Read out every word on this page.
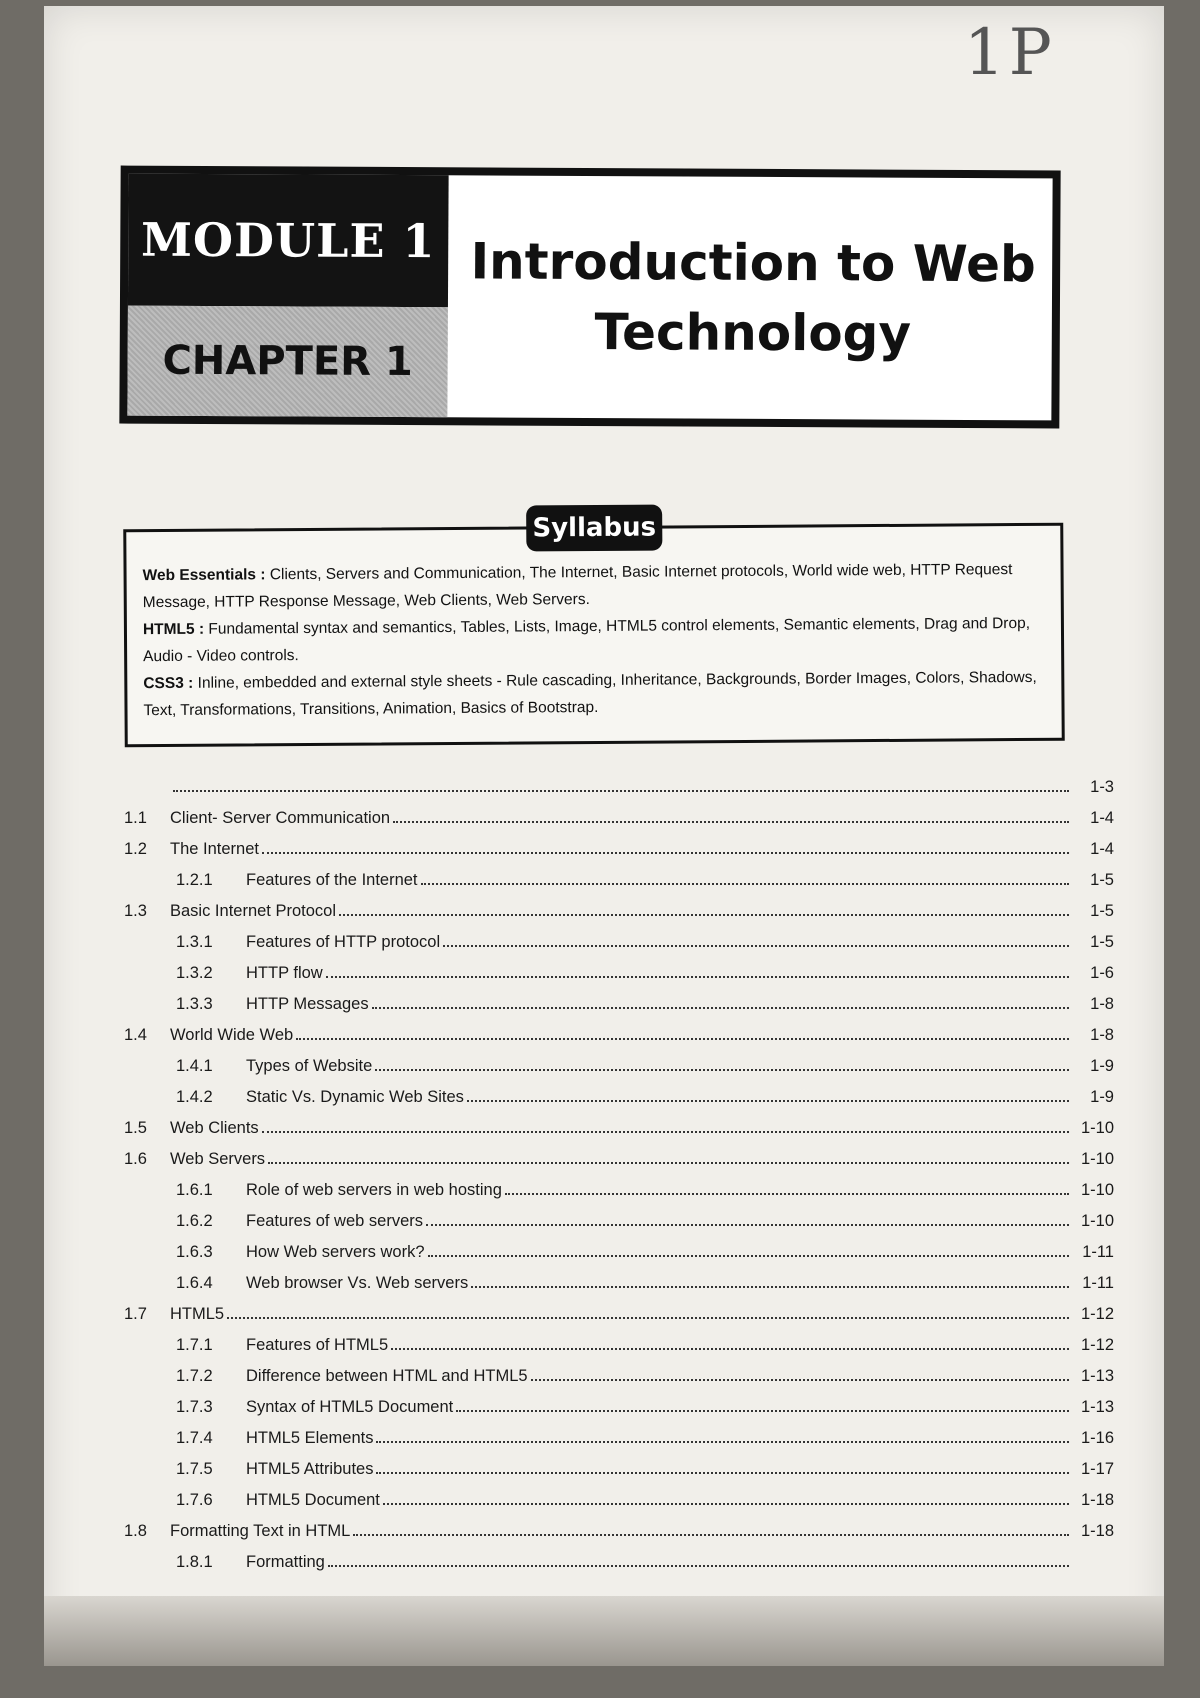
1P
MODULE 1
CHAPTER 1
Introduction to Web
Technology
Syllabus

Web Essentials : Clients, Servers and Communication, The Internet, Basic Internet protocols, World wide web, HTTP Request Message, HTTP Response Message, Web Clients, Web Servers.

HTML5 : Fundamental syntax and semantics, Tables, Lists, Image, HTML5 control elements, Semantic elements, Drag and Drop, Audio - Video controls.

CSS3 : Inline, embedded and external style sheets - Rule cascading, Inheritance, Backgrounds, Border Images, Colors, Shadows, Text, Transformations, Transitions, Animation, Basics of Bootstrap.

1-3
1.1	Client- Server Communication	1-4
1.2	The Internet	1-4
1.2.1	Features of the Internet	1-5
1.3	Basic Internet Protocol	1-5
1.3.1	Features of HTTP protocol	1-5
1.3.2	HTTP flow	1-6
1.3.3	HTTP Messages	1-8
1.4	World Wide Web	1-8
1.4.1	Types of Website	1-9
1.4.2	Static Vs. Dynamic Web Sites	1-9
1.5	Web Clients	1-10
1.6	Web Servers	1-10
1.6.1	Role of web servers in web hosting	1-10
1.6.2	Features of web servers	1-10
1.6.3	How Web servers work?	1-11
1.6.4	Web browser Vs. Web servers	1-11
1.7	HTML5	1-12
1.7.1	Features of HTML5	1-12
1.7.2	Difference between HTML and HTML5	1-13
1.7.3	Syntax of HTML5 Document	1-13
1.7.4	HTML5 Elements	1-16
1.7.5	HTML5 Attributes	1-17
1.7.6	HTML5 Document	1-18
1.8	Formatting Text in HTML	1-18
1.8.1	Formatting
